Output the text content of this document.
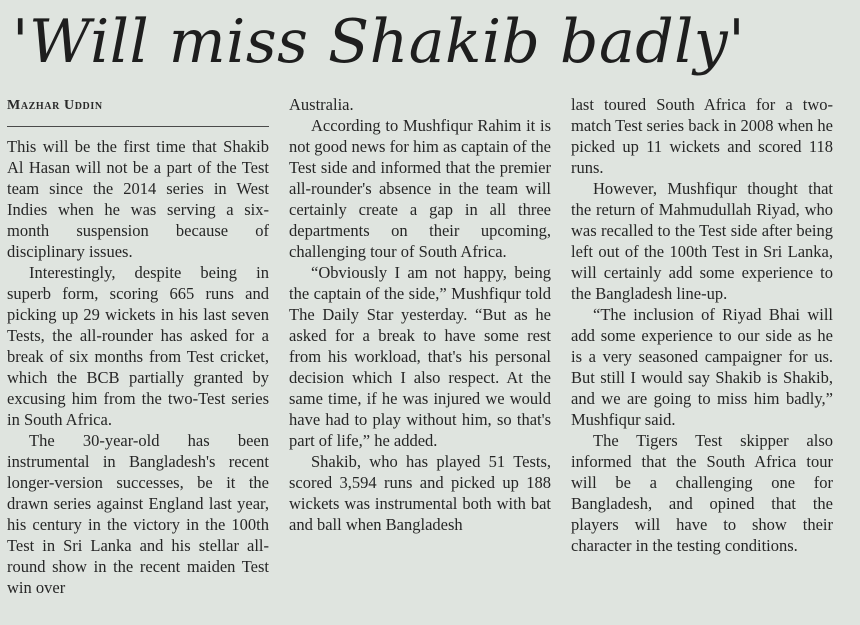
'Will miss Shakib badly'
Mazhar Uddin

This will be the first time that Shakib Al Hasan will not be a part of the Test team since the 2014 series in West Indies when he was serving a six-month suspension because of disciplinary issues.

Interestingly, despite being in superb form, scoring 665 runs and picking up 29 wickets in his last seven Tests, the all-rounder has asked for a break of six months from Test cricket, which the BCB partially granted by excusing him from the two-Test series in South Africa.

The 30-year-old has been instrumental in Bangladesh's recent longer-version successes, be it the drawn series against England last year, his century in the victory in the 100th Test in Sri Lanka and his stellar all-round show in the recent maiden Test win over

Australia.

According to Mushfiqur Rahim it is not good news for him as captain of the Test side and informed that the premier all-rounder's absence in the team will certainly create a gap in all three departments on their upcoming, challenging tour of South Africa.

“Obviously I am not happy, being the captain of the side,” Mushfiqur told The Daily Star yesterday. “But as he asked for a break to have some rest from his workload, that's his personal decision which I also respect. At the same time, if he was injured we would have had to play without him, so that's part of life,” he added.

Shakib, who has played 51 Tests, scored 3,594 runs and picked up 188 wickets was instrumental both with bat and ball when Bangladesh

last toured South Africa for a two-match Test series back in 2008 when he picked up 11 wickets and scored 118 runs.

However, Mushfiqur thought that the return of Mahmudullah Riyad, who was recalled to the Test side after being left out of the 100th Test in Sri Lanka, will certainly add some experience to the Bangladesh line-up.

“The inclusion of Riyad Bhai will add some experience to our side as he is a very seasoned campaigner for us. But still I would say Shakib is Shakib, and we are going to miss him badly,” Mushfiqur said.

The Tigers Test skipper also informed that the South Africa tour will be a challenging one for Bangladesh, and opined that the players will have to show their character in the testing conditions.
